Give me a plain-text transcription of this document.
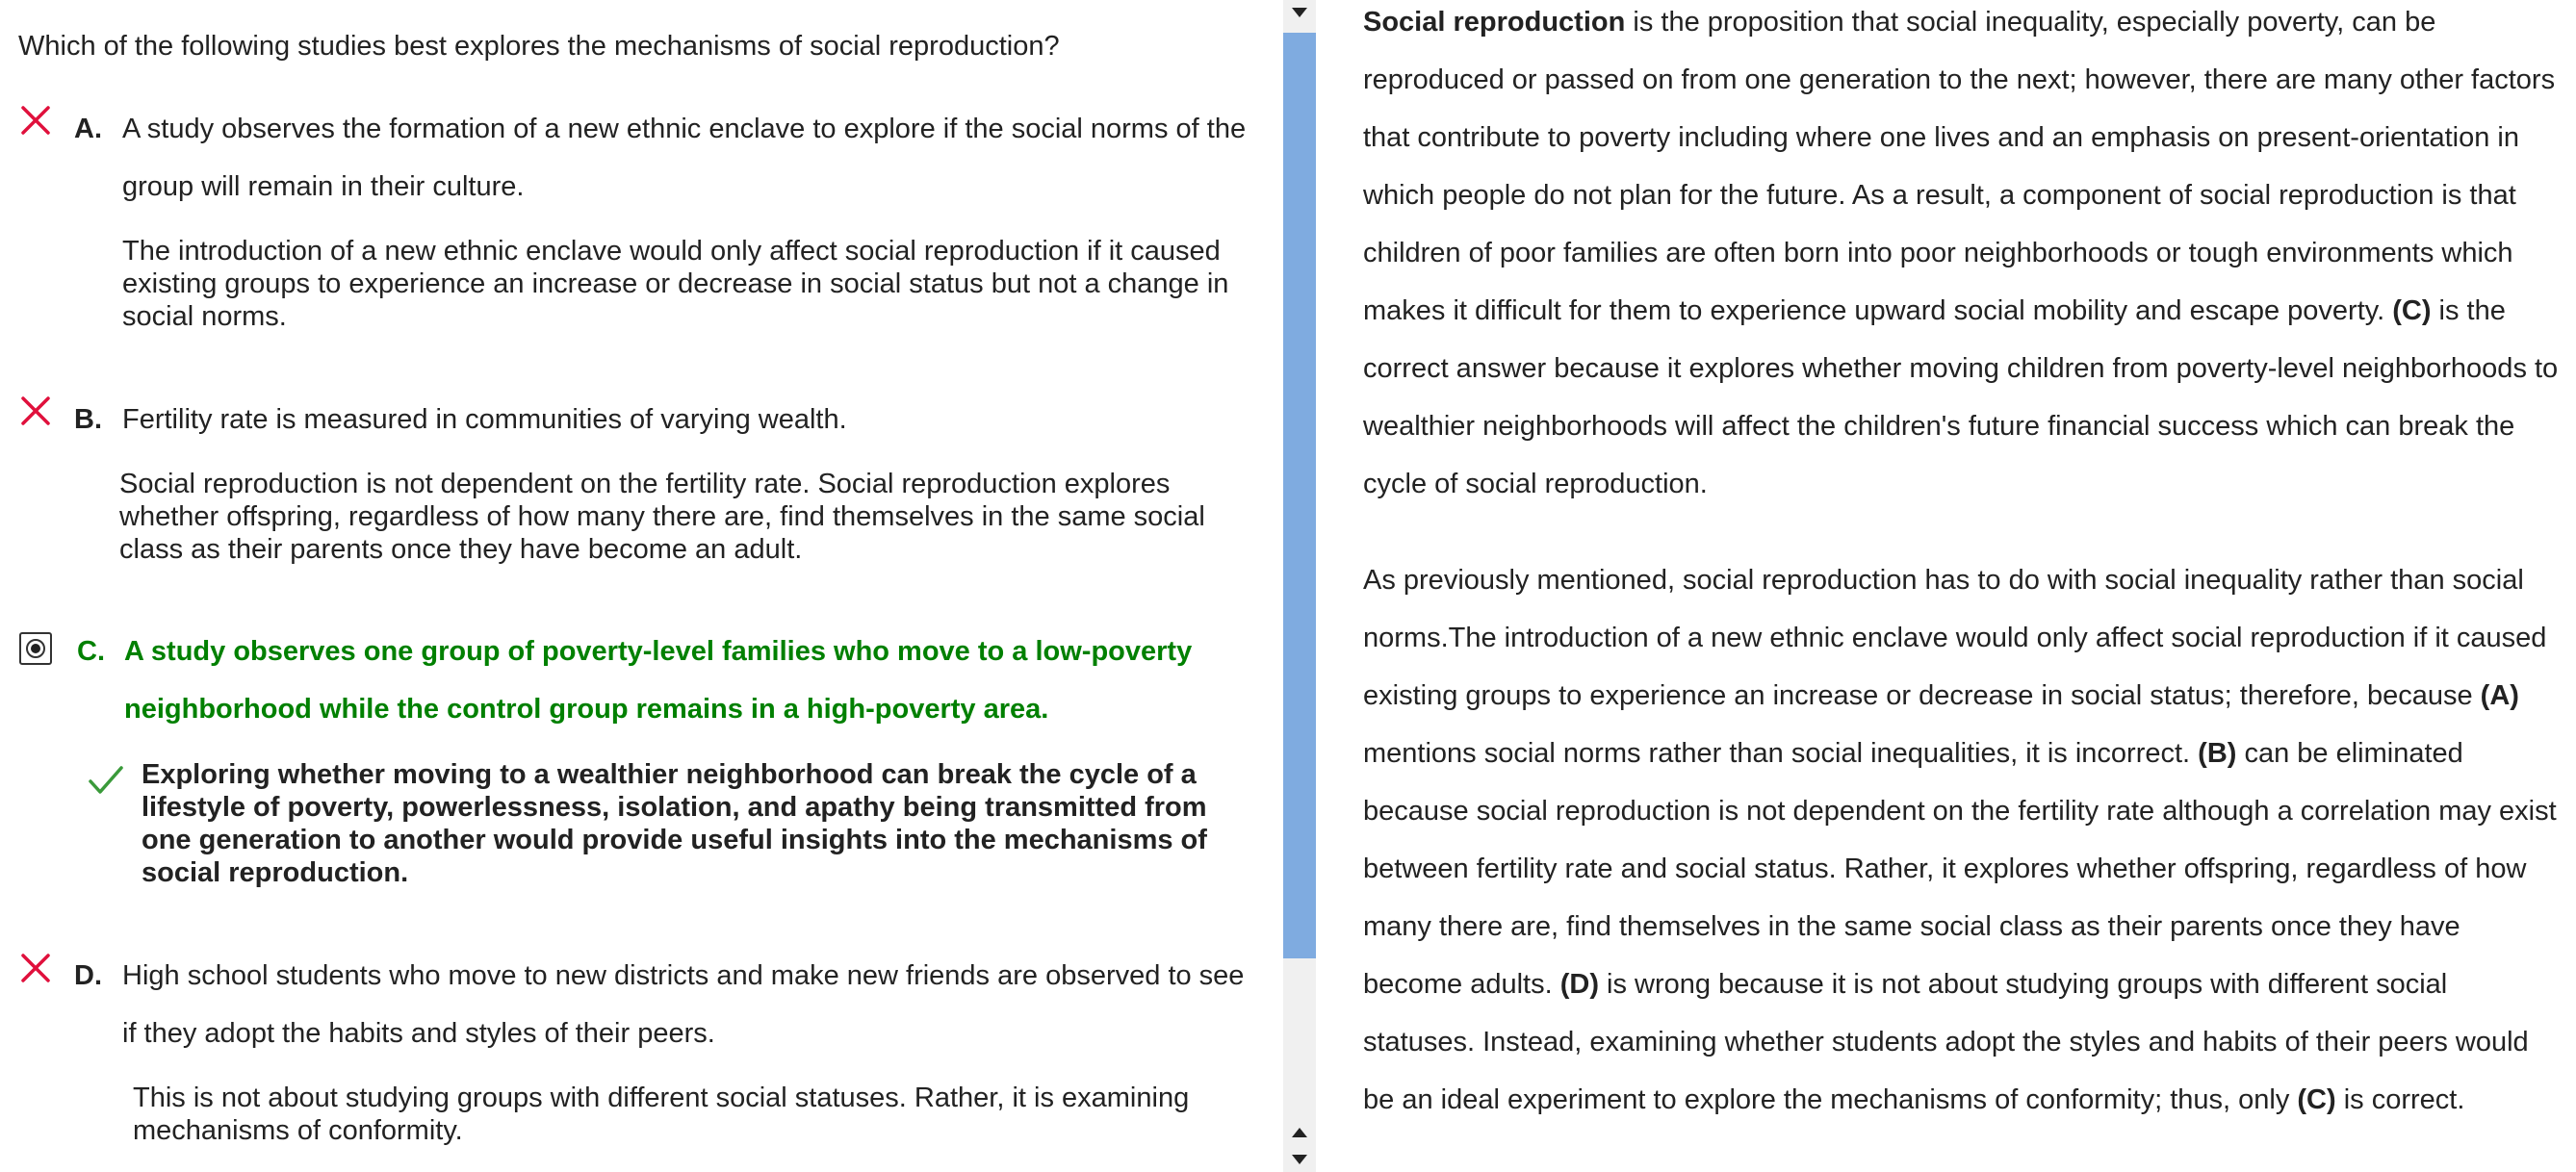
Which of the following studies best explores the mechanisms of social reproduction?
A. A study observes the formation of a new ethnic enclave to explore if the social norms of the group will remain in their culture.
The introduction of a new ethnic enclave would only affect social reproduction if it caused existing groups to experience an increase or decrease in social status but not a change in social norms.
B. Fertility rate is measured in communities of varying wealth.
Social reproduction is not dependent on the fertility rate. Social reproduction explores whether offspring, regardless of how many there are, find themselves in the same social class as their parents once they have become an adult.
C. A study observes one group of poverty-level families who move to a low-poverty neighborhood while the control group remains in a high-poverty area.
Exploring whether moving to a wealthier neighborhood can break the cycle of a lifestyle of poverty, powerlessness, isolation, and apathy being transmitted from one generation to another would provide useful insights into the mechanisms of social reproduction.
D. High school students who move to new districts and make new friends are observed to see if they adopt the habits and styles of their peers.
This is not about studying groups with different social statuses. Rather, it is examining mechanisms of conformity.
Social reproduction is the proposition that social inequality, especially poverty, can be reproduced or passed on from one generation to the next; however, there are many other factors that contribute to poverty including where one lives and an emphasis on present-orientation in which people do not plan for the future. As a result, a component of social reproduction is that children of poor families are often born into poor neighborhoods or tough environments which makes it difficult for them to experience upward social mobility and escape poverty. (C) is the correct answer because it explores whether moving children from poverty-level neighborhoods to wealthier neighborhoods will affect the children's future financial success which can break the cycle of social reproduction.
As previously mentioned, social reproduction has to do with social inequality rather than social norms.The introduction of a new ethnic enclave would only affect social reproduction if it caused existing groups to experience an increase or decrease in social status; therefore, because (A) mentions social norms rather than social inequalities, it is incorrect. (B) can be eliminated because social reproduction is not dependent on the fertility rate although a correlation may exist between fertility rate and social status. Rather, it explores whether offspring, regardless of how many there are, find themselves in the same social class as their parents once they have become adults. (D) is wrong because it is not about studying groups with different social statuses. Instead, examining whether students adopt the styles and habits of their peers would be an ideal experiment to explore the mechanisms of conformity; thus, only (C) is correct.
